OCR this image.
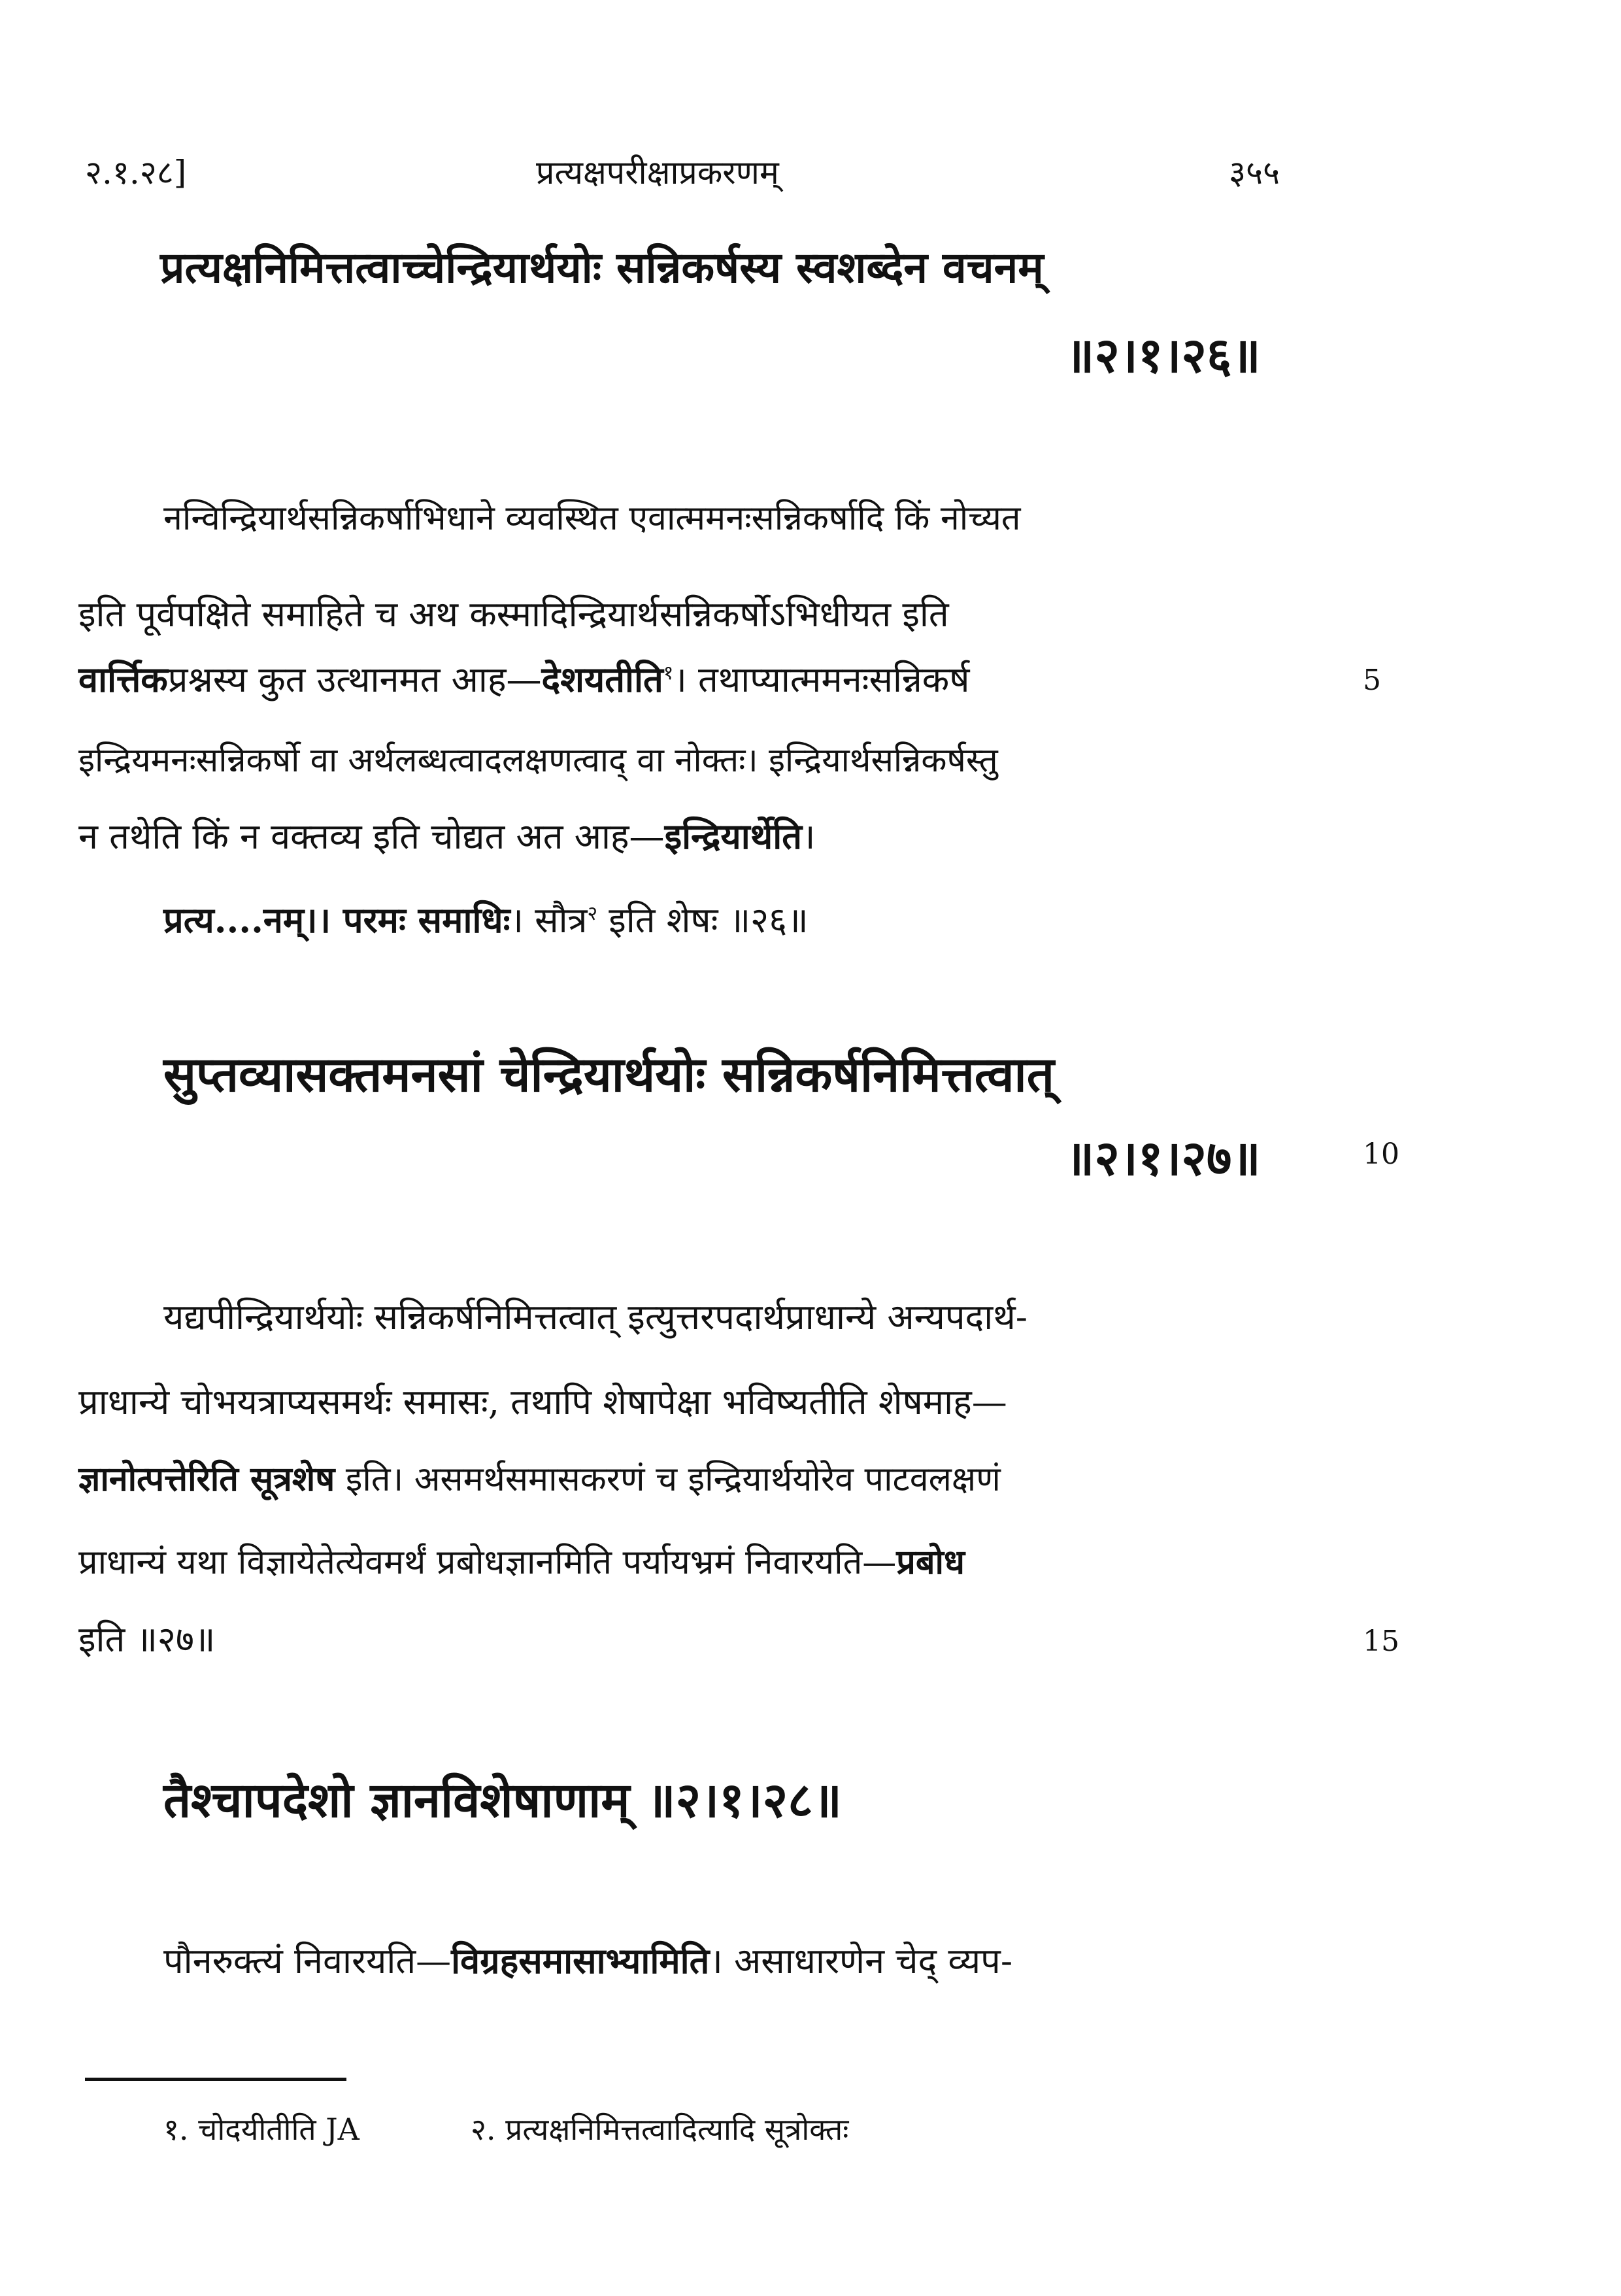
२.१.२८]	प्रत्यक्षपरीक्षाप्रकरणम्	३५५
प्रत्यक्षनिमित्तत्वाच्चेन्द्रियार्थयोः सन्निकर्षस्य स्वशब्देन वचनम्
॥२।१।२६॥
नन्विन्द्रियार्थसन्निकर्षाभिधाने व्यवस्थित एवात्ममनःसन्निकर्षादि किं नोच्यत
इति पूर्वपक्षिते समाहिते च अथ कस्मादिन्द्रियार्थसन्निकर्षोऽभिधीयत इति
वार्त्तिकप्रश्नस्य कुत उत्थानमत आह—देशयतीति$^१$। तथाप्यात्ममनःसन्निकर्ष
इन्द्रियमनःसन्निकर्षो वा अर्थलब्धत्वादलक्षणत्वाद् वा नोक्तः। इन्द्रियार्थसन्निकर्षस्तु
न तथेति किं न वक्तव्य इति चोद्यत अत आह—इन्द्रियार्थेति।
प्रत्य....नम्।। परमः समाधिः। सौत्र$^२$ इति शेषः ॥२६॥
सुप्तव्यासक्तमनसां चेन्द्रियार्थयोः सन्निकर्षनिमित्तत्वात्
॥२।१।२७॥	10
5
यद्यपीन्द्रियार्थयोः सन्निकर्षनिमित्तत्वात् इत्युत्तरपदार्थप्राधान्ये अन्यपदार्थ-
प्राधान्ये चोभयत्राप्यसमर्थः समासः, तथापि शेषापेक्षा भविष्यतीति शेषमाह—
ज्ञानोत्पत्तेरिति सूत्रशेष इति। असमर्थसमासकरणं च इन्द्रियार्थयोरेव पाटवलक्षणं
प्राधान्यं यथा विज्ञायेतेत्येवमर्थं प्रबोधज्ञानमिति पर्यायभ्रमं निवारयति—प्रबोध
इति ॥२७॥	15
तैश्चापदेशो ज्ञानविशेषाणाम् ॥२।१।२८॥
पौनरुक्त्यं निवारयति—विग्रहसमासाभ्यामिति। असाधारणेन चेद् व्यप-
१. चोदयीतीति JA	२. प्रत्यक्षनिमित्तत्वादित्यादि सूत्रोक्तः
